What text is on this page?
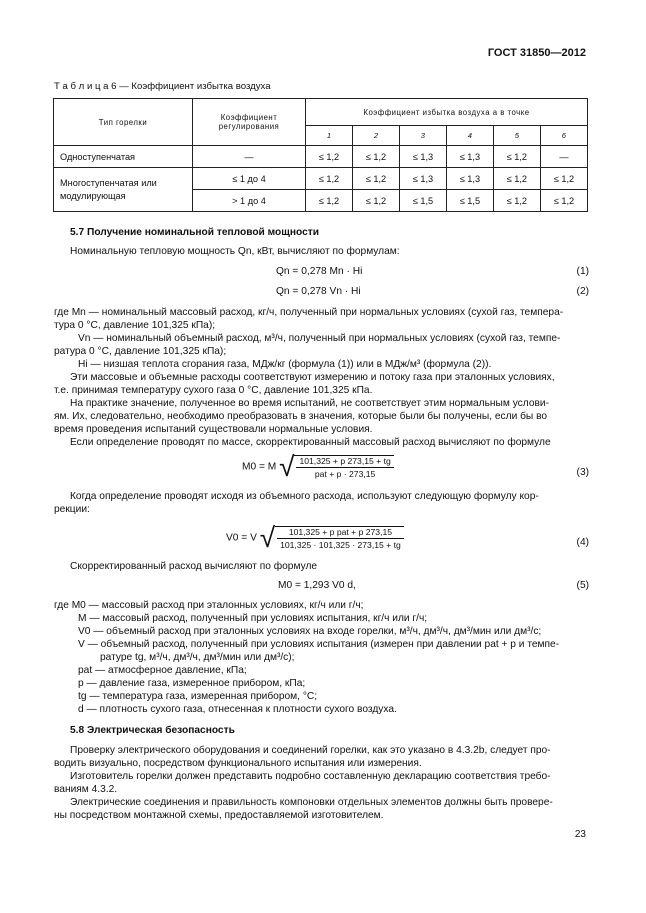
ГОСТ 31850—2012
Т а б л и ц а 6 — Коэффициент избытка воздуха
Тип горелки	Коэффициент регулирования	Коэффициент избытка воздуха a в точке					
		1	2	3	4	5	6
Одноступенчатая	—	≤ 1,2	≤ 1,2	≤ 1,3	≤ 1,3	≤ 1,2	—
Многоступенчатая или модулирующая	≤ 1 до 4	≤ 1,2	≤ 1,2	≤ 1,3	≤ 1,3	≤ 1,2	≤ 1,2
	> 1 до 4	≤ 1,2	≤ 1,2	≤ 1,5	≤ 1,5	≤ 1,2	≤ 1,2
5.7 Получение номинальной тепловой мощности
Номинальную тепловую мощность Qn, кВт, вычисляют по формулам:
Qn = 0,278 Mn · Hi	(1)
Qn = 0,278 Vn · Hi	(2)
где Mn — номинальный массовый расход, кг/ч, полученный при нормальных условиях (сухой газ, темпера-
тура 0 °С, давление 101,325 кПа);
Vn — номинальный объемный расход, м³/ч, полученный при нормальных условиях (сухой газ, темпе-
ратура 0 °С, давление 101,325 кПа);
Hi — низшая теплота сгорания газа, МДж/кг (формула (1)) или в МДж/м³ (формула (2)).
Эти массовые и объемные расходы соответствуют измерению и потоку газа при эталонных условиях,
т.е. принимая температуру сухого газа 0 °С, давление 101,325 кПа.
На практике значение, полученное во время испытаний, не соответствует этим нормальным услови-
ям. Их, следовательно, необходимо преобразовать в значения, которые были бы получены, если бы во
время проведения испытаний существовали нормальные условия.
Если определение проводят по массе, скорректированный массовый расход вычисляют по формуле
M0 = M √ $\frac{101,325 + p 273,15 + tg}{\text{pat + p · 273,15}}$	(3)
Когда определение проводят исходя из объемного расхода, используют следующую формулу кор-
рекции:
V0 = V √ $\frac{\text{101,325 + p pat + p 273,15}}{101,325 \cdot 101,325 \cdot 273,15 + tg}$	(4)
Скорректированный расход вычисляют по формуле
M0 = 1,293 V0 d,	(5)
где M0 — массовый расход при эталонных условиях, кг/ч или г/ч;
M — массовый расход, полученный при условиях испытания, кг/ч или г/ч;
V0 — объемный расход при эталонных условиях на входе горелки, м³/ч, дм³/ч, дм³/мин или дм³/с;
V — объемный расход, полученный при условиях испытания (измерен при давлении pat + p и темпе-
ратуре tg, м³/ч, дм³/ч, дм³/мин или дм³/с);
pat — атмосферное давление, кПа;
p — давление газа, измеренное прибором, кПа;
tg — температура газа, измеренная прибором, °С;
d — плотность сухого газа, отнесенная к плотности сухого воздуха.
5.8 Электрическая безопасность
Проверку электрического оборудования и соединений горелки, как это указано в 4.3.2b, следует про-
водить визуально, посредством функционального испытания или измерения.
Изготовитель горелки должен представить подробно составленную декларацию соответствия требо-
ваниям 4.3.2.
Электрические соединения и правильность компоновки отдельных элементов должны быть провере-
ны посредством монтажной схемы, предоставляемой изготовителем.
23
